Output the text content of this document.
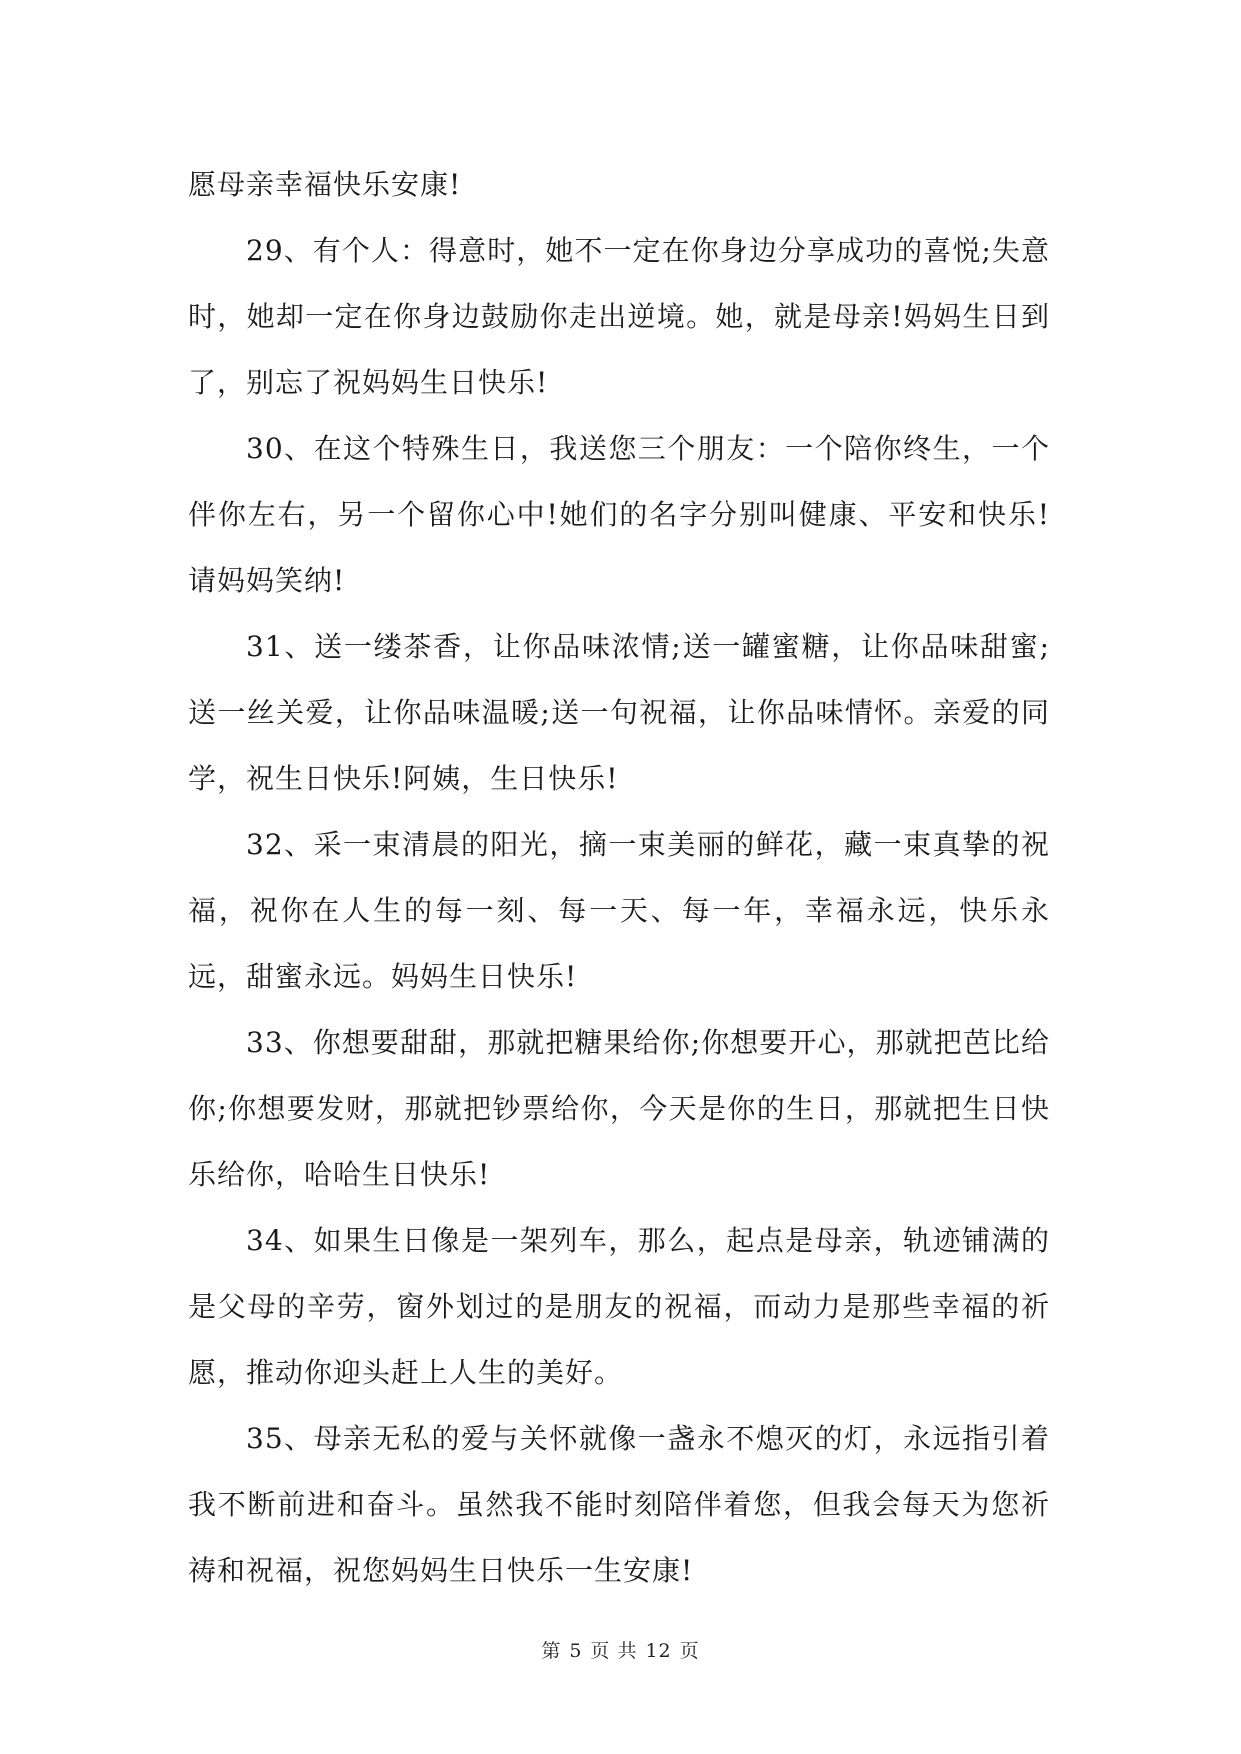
愿母亲幸福快乐安康!

29、有个人：得意时，她不一定在你身边分享成功的喜悦;失意时，她却一定在你身边鼓励你走出逆境。她，就是母亲!妈妈生日到了，别忘了祝妈妈生日快乐!

30、在这个特殊生日，我送您三个朋友：一个陪你终生，一个伴你左右，另一个留你心中!她们的名字分别叫健康、平安和快乐!请妈妈笑纳!

31、送一缕茶香，让你品味浓情;送一罐蜜糖，让你品味甜蜜;送一丝关爱，让你品味温暖;送一句祝福，让你品味情怀。亲爱的同学，祝生日快乐!阿姨，生日快乐!

32、采一束清晨的阳光，摘一束美丽的鲜花，藏一束真挚的祝福，祝你在人生的每一刻、每一天、每一年，幸福永远，快乐永远，甜蜜永远。妈妈生日快乐!

33、你想要甜甜，那就把糖果给你;你想要开心，那就把芭比给你;你想要发财，那就把钞票给你，今天是你的生日，那就把生日快乐给你，哈哈生日快乐!

34、如果生日像是一架列车，那么，起点是母亲，轨迹铺满的是父母的辛劳，窗外划过的是朋友的祝福，而动力是那些幸福的祈愿，推动你迎头赶上人生的美好。

35、母亲无私的爱与关怀就像一盏永不熄灭的灯，永远指引着我不断前进和奋斗。虽然我不能时刻陪伴着您，但我会每天为您祈祷和祝福，祝您妈妈生日快乐一生安康!

第 5 页 共 12 页
